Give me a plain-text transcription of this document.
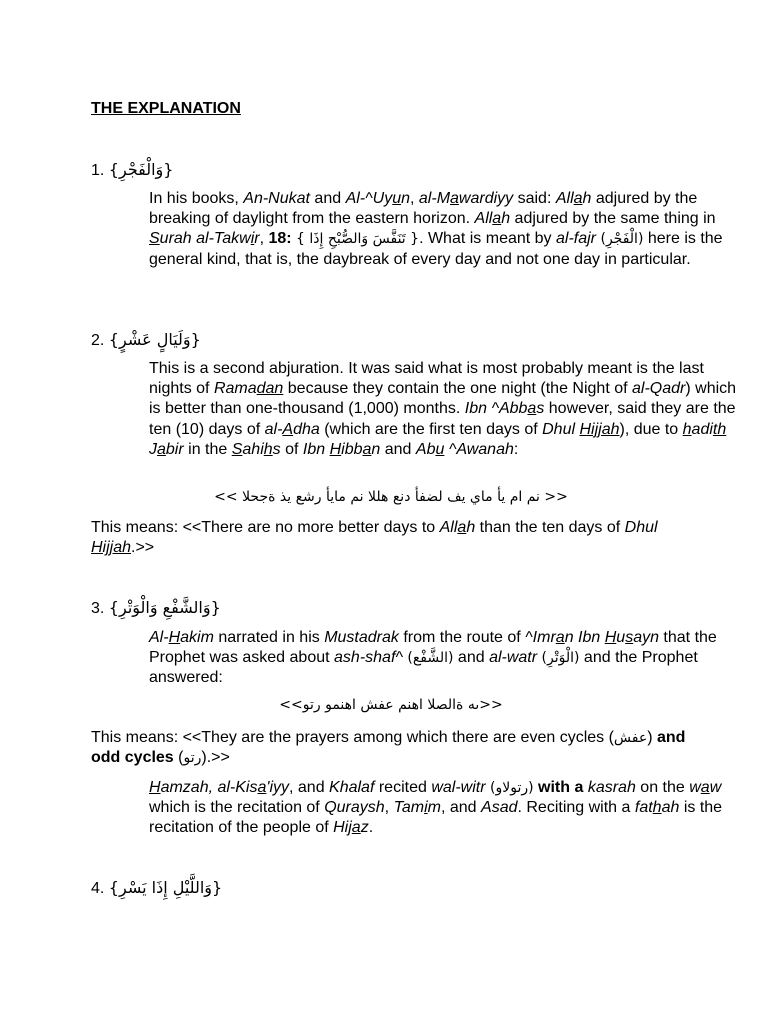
THE EXPLANATION
1. {وَالْفَجْرِ}
In his books, An-Nukat and Al-^Uyun, al-Mawardiyy said: Allah adjured by the breaking of daylight from the eastern horizon. Allah adjured by the same thing in Surah al-Takwir, 18: { تَنَفَّسَ وَالصُّبْحِ إِذَا }. What is meant by al-fajr (الْفَجْرِ) here is the general kind, that is, the daybreak of every day and not one day in particular.
2. {وَلَيَالٍ عَشْرٍ}
This is a second abjuration. It was said what is most probably meant is the last nights of Ramadan because they contain the one night (the Night of al-Qadr) which is better than one-thousand (1,000) months. Ibn ^Abbas however, said they are the ten (10) days of al-Adha (which are the first ten days of Dhul Hijjah), due to hadith Jabir in the Sahihs of Ibn Hibban and Abu ^Awanah:
<< نم ام يأ ماي يف لضفأ دنع هللا نم مايأ رشع يذ ةجحلا >>
This means: <<There are no more better days to Allah than the ten days of Dhul Hijjah.>>
3. {وَالشَّفْعِ وَالْوَتْرِ}
Al-Hakim narrated in his Mustadrak from the route of ^Imran Ibn Husayn that the Prophet was asked about ash-shaf^ (الشَّفْع) and al-watr (الْوَتْرِ) and the Prophet answered:
<<ىه ةالصلا اهنم عفش اهنمو رتو>>
This means: <<They are the prayers among which there are even cycles (عفش) and odd cycles (رتو).>>
Hamzah, al-Kisa'iyy, and Khalaf recited wal-witr (رتولاو) with a kasrah on the waw which is the recitation of Quraysh, Tamim, and Asad. Reciting with a fathah is the recitation of the people of Hijaz.
4. {وَاللَّيْلِ إِذَا يَسْرِ}
